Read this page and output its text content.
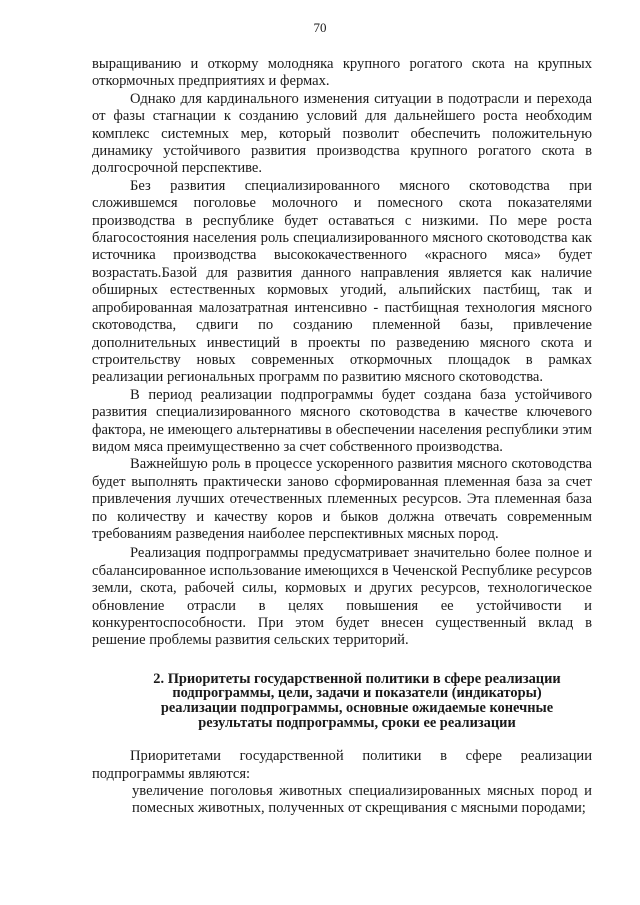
70

выращиванию и откорму молодняка крупного рогатого скота на крупных откормочных предприятиях и фермах.

Однако для кардинального изменения ситуации в подотрасли и перехода от фазы стагнации к созданию условий для дальнейшего роста необходим комплекс системных мер, который позволит обеспечить положительную динамику устойчивого развития производства крупного рогатого скота в долгосрочной перспективе.

Без развития специализированного мясного скотоводства при сложившемся поголовье молочного и помесного скота показателями производства в республике будет оставаться с низкими. По мере роста благосостояния населения роль специализированного мясного скотоводства как источника производства высококачественного «красного мяса» будет возрастать.Базой для развития данного направления является как наличие обширных естественных кормовых угодий, альпийских пастбищ, так и апробированная малозатратная интенсивно - пастбищная технология мясного скотоводства, сдвиги по созданию племенной базы, привлечение дополнительных инвестиций в проекты по разведению мясного скота и строительству новых современных откормочных площадок в рамках реализации региональных программ по развитию мясного скотоводства.

В период реализации подпрограммы будет создана база устойчивого развития специализированного мясного скотоводства в качестве ключевого фактора, не имеющего альтернативы в обеспечении населения республики этим видом мяса преимущественно за счет собственного производства.

Важнейшую роль в процессе ускоренного развития мясного скотоводства будет выполнять практически заново сформированная племенная база за счет привлечения лучших отечественных племенных ресурсов. Эта племенная база по количеству и качеству коров и быков должна отвечать современным требованиям разведения наиболее перспективных мясных пород.

Реализация подпрограммы предусматривает значительно более полное и сбалансированное использование имеющихся в Чеченской Республике ресурсов земли, скота, рабочей силы, кормовых и других ресурсов, технологическое обновление отрасли в целях повышения ее устойчивости и конкурентоспособности. При этом будет внесен существенный вклад в решение проблемы развития сельских территорий.

2. Приоритеты государственной политики в сфере реализации
подпрограммы, цели, задачи и показатели (индикаторы)
реализации подпрограммы, основные ожидаемые конечные
результаты подпрограммы, сроки ее реализации

Приоритетами государственной политики в сфере реализации подпрограммы являются:

увеличение поголовья животных специализированных мясных пород и помесных животных, полученных от скрещивания с мясными породами;
